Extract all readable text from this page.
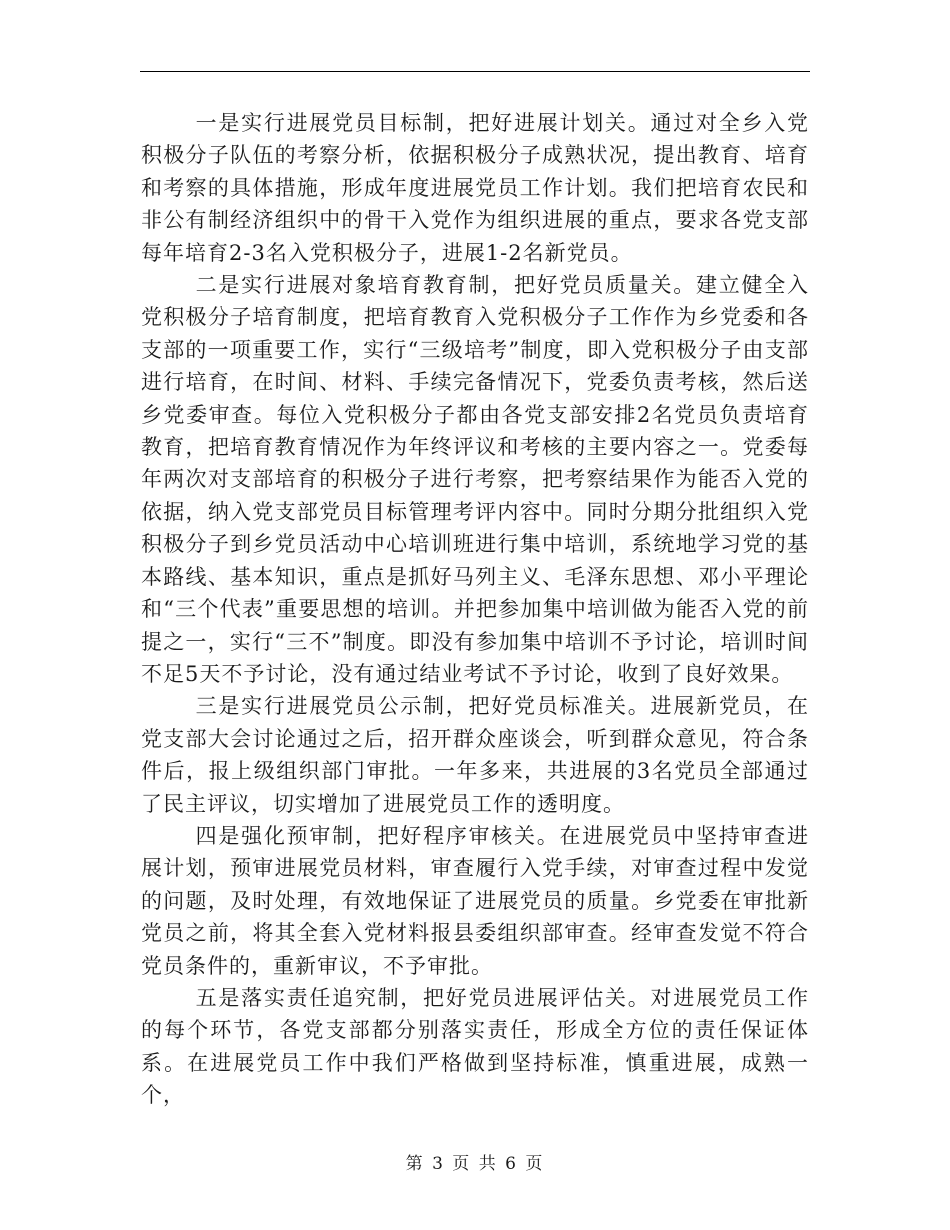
一是实行进展党员目标制，把好进展计划关。通过对全乡入党积极分子队伍的考察分析，依据积极分子成熟状况，提出教育、培育和考察的具体措施，形成年度进展党员工作计划。我们把培育农民和非公有制经济组织中的骨干入党作为组织进展的重点，要求各党支部每年培育2-3名入党积极分子，进展1-2名新党员。

二是实行进展对象培育教育制，把好党员质量关。建立健全入党积极分子培育制度，把培育教育入党积极分子工作作为乡党委和各支部的一项重要工作，实行“三级培考”制度，即入党积极分子由支部进行培育，在时间、材料、手续完备情况下，党委负责考核，然后送乡党委审查。每位入党积极分子都由各党支部安排2名党员负责培育教育，把培育教育情况作为年终评议和考核的主要内容之一。党委每年两次对支部培育的积极分子进行考察，把考察结果作为能否入党的依据，纳入党支部党员目标管理考评内容中。同时分期分批组织入党积极分子到乡党员活动中心培训班进行集中培训，系统地学习党的基本路线、基本知识，重点是抓好马列主义、毛泽东思想、邓小平理论和“三个代表”重要思想的培训。并把参加集中培训做为能否入党的前提之一，实行“三不”制度。即没有参加集中培训不予讨论，培训时间不足5天不予讨论，没有通过结业考试不予讨论，收到了良好效果。

三是实行进展党员公示制，把好党员标准关。进展新党员，在党支部大会讨论通过之后，招开群众座谈会，听到群众意见，符合条件后，报上级组织部门审批。一年多来，共进展的3名党员全部通过了民主评议，切实增加了进展党员工作的透明度。

四是强化预审制，把好程序审核关。在进展党员中坚持审查进展计划，预审进展党员材料，审查履行入党手续，对审查过程中发觉的问题，及时处理，有效地保证了进展党员的质量。乡党委在审批新党员之前，将其全套入党材料报县委组织部审查。经审查发觉不符合党员条件的，重新审议，不予审批。

五是落实责任追究制，把好党员进展评估关。对进展党员工作的每个环节，各党支部都分别落实责任，形成全方位的责任保证体系。在进展党员工作中我们严格做到坚持标准，慎重进展，成熟一个，

第 3 页 共 6 页
